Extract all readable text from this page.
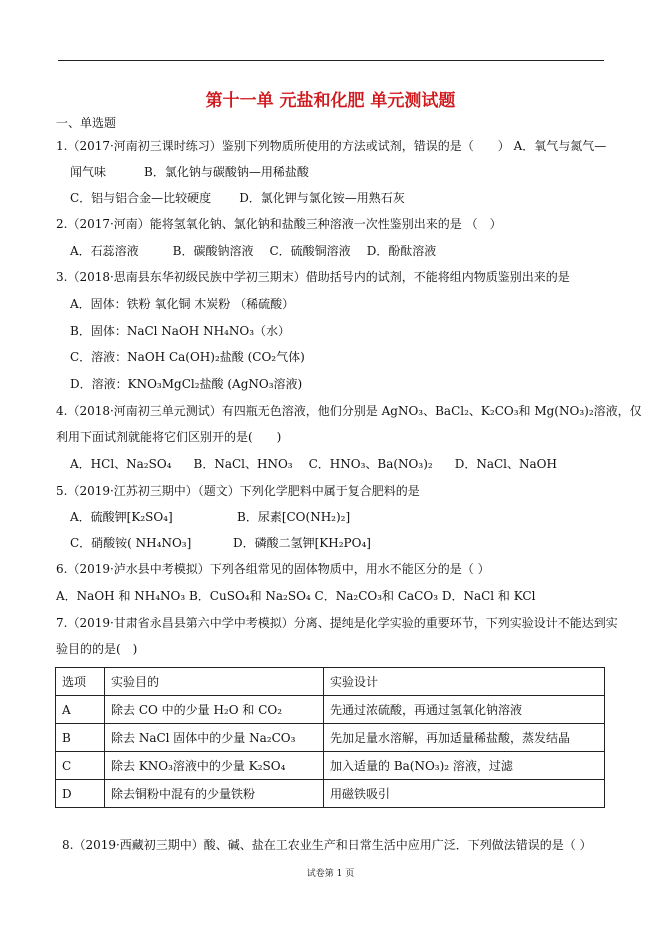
第十一单 元盐和化肥 单元测试题
一、单选题
1.（2017·河南初三课时练习）鉴别下列物质所使用的方法或试剂，错误的是（　　） A．氧气与氮气—
闻气味	B．氯化钠与碳酸钠—用稀盐酸
C．铝与铝合金—比较硬度 D．氯化钾与氯化铵—用熟石灰
2.（2017·河南）能将氢氧化钠、氯化钠和盐酸三种溶液一次性鉴别出来的是 （　）
A．石蕊溶液	B．碳酸钠溶液 C．硫酸铜溶液 D．酚酞溶液
3.（2018·思南县东华初级民族中学初三期末）借助括号内的试剂，不能将组内物质鉴别出来的是
A．固体：铁粉 氧化铜 木炭粉 （稀硫酸）
B．固体：NaCl NaOH NH₄NO₃（水）
C．溶液：NaOH Ca(OH)₂盐酸 (CO₂气体)
D．溶液：KNO₃MgCl₂盐酸 (AgNO₃溶液)
4.（2018·河南初三单元测试）有四瓶无色溶液，他们分别是 AgNO₃、BaCl₂、K₂CO₃和 Mg(NO₃)₂溶液，仅
利用下面试剂就能将它们区别开的是(　　)
A．HCl、Na₂SO₄ B．NaCl、HNO₃ C．HNO₃、Ba(NO₃)₂ D．NaCl、NaOH
5.（2019·江苏初三期中）（题文）下列化学肥料中属于复合肥料的是
A．硫酸钾[K₂SO₄]	B．尿素[CO(NH₂)₂]
C．硝酸铵( NH₄NO₃]	D．磷酸二氢钾[KH₂PO₄]
6.（2019·泸水县中考模拟）下列各组常见的固体物质中，用水不能区分的是（ ）
A．NaOH 和 NH₄NO₃ B．CuSO₄和 Na₂SO₄ C．Na₂CO₃和 CaCO₃ D．NaCl 和 KCl
7.（2019·甘肃省永昌县第六中学中考模拟）分离、提纯是化学实验的重要环节，下列实验设计不能达到实
验目的的是(　)
选项	实验目的	实验设计
A	除去 CO 中的少量 H₂O 和 CO₂	先通过浓硫酸，再通过氢氧化钠溶液
B	除去 NaCl 固体中的少量 Na₂CO₃	先加足量水溶解，再加适量稀盐酸，蒸发结晶
C	除去 KNO₃溶液中的少量 K₂SO₄	加入适量的 Ba(NO₃)₂ 溶液，过滤
D	除去铜粉中混有的少量铁粉	用磁铁吸引
8.（2019·西藏初三期中）酸、碱、盐在工农业生产和日常生活中应用广泛．下列做法错误的是（ ）
试卷第 1 页
